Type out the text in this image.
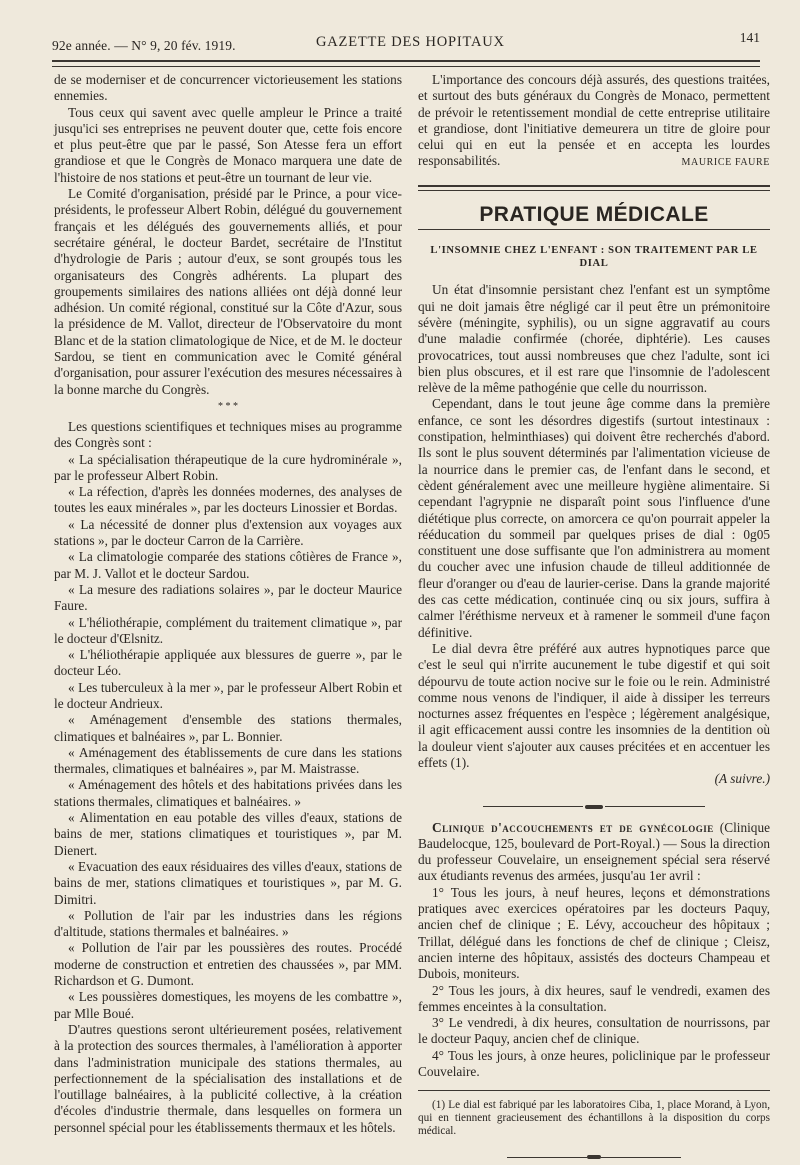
92e année. — N° 9, 20 fév. 1919.	GAZETTE DES HOPITAUX	141

de se moderniser et de concurrencer victorieusement les stations ennemies.

Tous ceux qui savent avec quelle ampleur le Prince a traité jusqu'ici ses entreprises ne peuvent douter que, cette fois encore et plus peut-être que par le passé, Son Atesse fera un effort grandiose et que le Congrès de Monaco marquera une date de l'histoire de nos stations et peut-être un tournant de leur vie.

Le Comité d'organisation, présidé par le Prince, a pour vice-présidents, le professeur Albert Robin, délégué du gouvernement français et les délégués des gouvernements alliés, et pour secrétaire général, le docteur Bardet, secrétaire de l'Institut d'hydrologie de Paris ; autour d'eux, se sont groupés tous les organisateurs des Congrès adhérents. La plupart des groupements similaires des nations alliées ont déjà donné leur adhésion. Un comité régional, constitué sur la Côte d'Azur, sous la présidence de M. Vallot, directeur de l'Observatoire du mont Blanc et de la station climatologique de Nice, et de M. le docteur Sardou, se tient en communication avec le Comité général d'organisation, pour assurer l'exécution des mesures nécessaires à la bonne marche du Congrès.

* * *

Les questions scientifiques et techniques mises au programme des Congrès sont :

« La spécialisation thérapeutique de la cure hydrominérale », par le professeur Albert Robin.

« La réfection, d'après les données modernes, des analyses de toutes les eaux minérales », par les docteurs Linossier et Bordas.

« La nécessité de donner plus d'extension aux voyages aux stations », par le docteur Carron de la Carrière.

« La climatologie comparée des stations côtières de France », par M. J. Vallot et le docteur Sardou.

« La mesure des radiations solaires », par le docteur Maurice Faure.

« L'héliothérapie, complément du traitement climatique », par le docteur d'Œlsnitz.

« L'héliothérapie appliquée aux blessures de guerre », par le docteur Léo.

« Les tuberculeux à la mer », par le professeur Albert Robin et le docteur Andrieux.

« Aménagement d'ensemble des stations thermales, climatiques et balnéaires », par L. Bonnier.

« Aménagement des établissements de cure dans les stations thermales, climatiques et balnéaires », par M. Maistrasse.

« Aménagement des hôtels et des habitations privées dans les stations thermales, climatiques et balnéaires. »

« Alimentation en eau potable des villes d'eaux, stations de bains de mer, stations climatiques et touristiques », par M. Dienert.

« Evacuation des eaux résiduaires des villes d'eaux, stations de bains de mer, stations climatiques et touristiques », par M. G. Dimitri.

« Pollution de l'air par les industries dans les régions d'altitude, stations thermales et balnéaires. »

« Pollution de l'air par les poussières des routes. Procédé moderne de construction et entretien des chaussées », par MM. Richardson et G. Dumont.

« Les poussières domestiques, les moyens de les combattre », par Mlle Boué.

D'autres questions seront ultérieurement posées, relativement à la protection des sources thermales, à l'amélioration à apporter dans l'administration municipale des stations thermales, au perfectionnement de la spécialisation des installations et de l'outillage balnéaires, à la publicité collective, à la création d'écoles d'industrie thermale, dans lesquelles on formera un personnel spécial pour les établissements thermaux et les hôtels.

L'importance des concours déjà assurés, des questions traitées, et surtout des buts généraux du Congrès de Monaco, permettent de prévoir le retentissement mondial de cette entreprise utilitaire et grandiose, dont l'initiative demeurera un titre de gloire pour celui qui en eut la pensée et en accepta les lourdes responsabilités.	MAURICE FAURE
PRATIQUE MÉDICALE
L'INSOMNIE CHEZ L'ENFANT : SON TRAITEMENT PAR LE DIAL

Un état d'insomnie persistant chez l'enfant est un symptôme qui ne doit jamais être négligé car il peut être un prémonitoire sévère (méningite, syphilis), ou un signe aggravatif au cours d'une maladie confirmée (chorée, diphtérie). Les causes provocatrices, tout aussi nombreuses que chez l'adulte, sont ici bien plus obscures, et il est rare que l'insomnie de l'adolescent relève de la même pathogénie que celle du nourrisson.

Cependant, dans le tout jeune âge comme dans la première enfance, ce sont les désordres digestifs (surtout intestinaux : constipation, helminthiases) qui doivent être recherchés d'abord. Ils sont le plus souvent déterminés par l'alimentation vicieuse de la nourrice dans le premier cas, de l'enfant dans le second, et cèdent généralement avec une meilleure hygiène alimentaire. Si cependant l'agrypnie ne disparaît point sous l'influence d'une diététique plus correcte, on amorcera ce qu'on pourrait appeler la rééducation du sommeil par quelques prises de dial : 0g05 constituent une dose suffisante que l'on administrera au moment du coucher avec une infusion chaude de tilleul additionnée de fleur d'oranger ou d'eau de laurier-cerise. Dans la grande majorité des cas cette médication, continuée cinq ou six jours, suffira à calmer l'éréthisme nerveux et à ramener le sommeil d'une façon définitive.

Le dial devra être préféré aux autres hypnotiques parce que c'est le seul qui n'irrite aucunement le tube digestif et qui soit dépourvu de toute action nocive sur le foie ou le rein. Administré comme nous venons de l'indiquer, il aide à dissiper les terreurs nocturnes assez fréquentes en l'espèce ; légèrement analgésique, il agit efficacement aussi contre les insomnies de la dentition où la douleur vient s'ajouter aux causes précitées et en accentuer les effets (1).

(A suivre.)

Clinique d'accouchements et de gynécologie (Clinique Baudelocque, 125, boulevard de Port-Royal.) — Sous la direction du professeur Couvelaire, un enseignement spécial sera réservé aux étudiants revenus des armées, jusqu'au 1er avril :

1° Tous les jours, à neuf heures, leçons et démonstrations pratiques avec exercices opératoires par les docteurs Paquy, ancien chef de clinique ; E. Lévy, accoucheur des hôpitaux ; Trillat, délégué dans les fonctions de chef de clinique ; Cleisz, ancien interne des hôpitaux, assistés des docteurs Champeau et Dubois, moniteurs.

2° Tous les jours, à dix heures, sauf le vendredi, examen des femmes enceintes à la consultation.

3° Le vendredi, à dix heures, consultation de nourrissons, par le docteur Paquy, ancien chef de clinique.

4° Tous les jours, à onze heures, policlinique par le professeur Couvelaire.

(1) Le dial est fabriqué par les laboratoires Ciba, 1, place Morand, à Lyon, qui en tiennent gracieusement des échantillons à la disposition du corps médical.
